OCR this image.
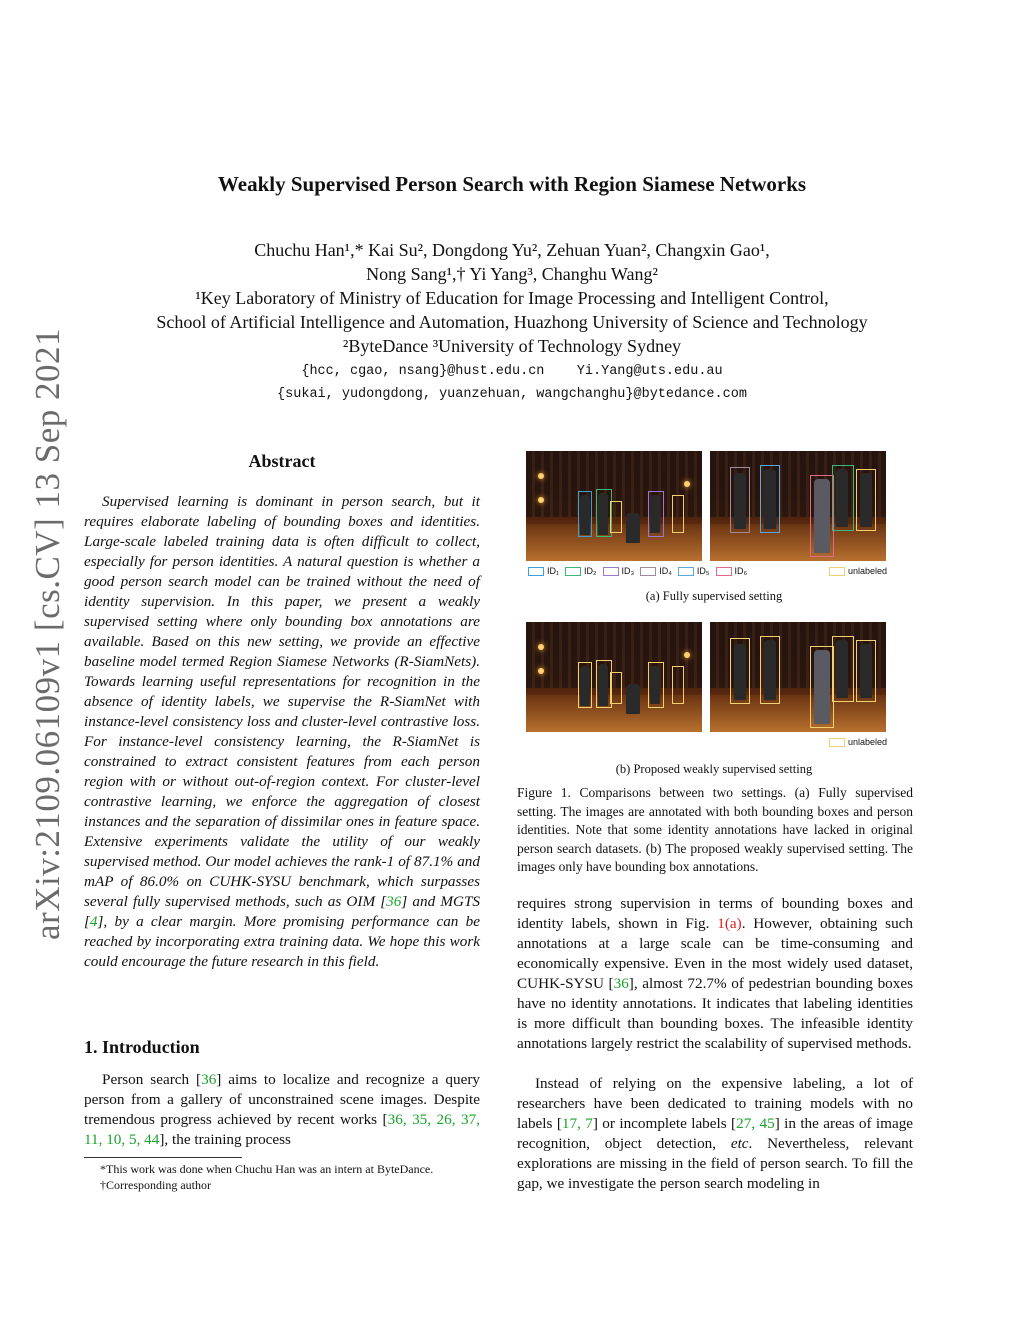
Weakly Supervised Person Search with Region Siamese Networks
Chuchu Han¹,* Kai Su², Dongdong Yu², Zehuan Yuan², Changxin Gao¹,
Nong Sang¹,† Yi Yang³, Changhu Wang²
¹Key Laboratory of Ministry of Education for Image Processing and Intelligent Control,
School of Artificial Intelligence and Automation, Huazhong University of Science and Technology
²ByteDance ³University of Technology Sydney
{hcc, cgao, nsang}@hust.edu.cn    Yi.Yang@uts.edu.au
{sukai, yudongdong, yuanzehuan, wangchanghu}@bytedance.com
arXiv:2109.06109v1 [cs.CV] 13 Sep 2021	Abstract
Supervised learning is dominant in person search, but it requires elaborate labeling of bounding boxes and identities. Large-scale labeled training data is often difficult to collect, especially for person identities. A natural question is whether a good person search model can be trained without the need of identity supervision. In this paper, we present a weakly supervised setting where only bounding box annotations are available. Based on this new setting, we provide an effective baseline model termed Region Siamese Networks (R-SiamNets). Towards learning useful representations for recognition in the absence of identity labels, we supervise the R-SiamNet with instance-level consistency loss and cluster-level contrastive loss. For instance-level consistency learning, the R-SiamNet is constrained to extract consistent features from each person region with or without out-of-region context. For cluster-level contrastive learning, we enforce the aggregation of closest instances and the separation of dissimilar ones in feature space. Extensive experiments validate the utility of our weakly supervised method. Our model achieves the rank-1 of 87.1% and mAP of 86.0% on CUHK-SYSU benchmark, which surpasses several fully supervised methods, such as OIM [36] and MGTS [4], by a clear margin. More promising performance can be reached by incorporating extra training data. We hope this work could encourage the future research in this field.
1. Introduction
Person search [36] aims to localize and recognize a query person from a gallery of unconstrained scene images. Despite tremendous progress achieved by recent works [36, 35, 26, 37, 11, 10, 5, 44], the training process
*This work was done when Chuchu Han was an intern at ByteDance.
†Corresponding author
ID₁	ID₂	ID₃	ID₄	ID₅	ID₆	unlabeled
(a) Fully supervised setting
unlabeled
(b) Proposed weakly supervised setting
Figure 1. Comparisons between two settings. (a) Fully supervised setting. The images are annotated with both bounding boxes and person identities. Note that some identity annotations have lacked in original person search datasets. (b) The proposed weakly supervised setting. The images only have bounding box annotations.
requires strong supervision in terms of bounding boxes and identity labels, shown in Fig. 1(a). However, obtaining such annotations at a large scale can be time-consuming and economically expensive. Even in the most widely used dataset, CUHK-SYSU [36], almost 72.7% of pedestrian bounding boxes have no identity annotations. It indicates that labeling identities is more difficult than bounding boxes. The infeasible identity annotations largely restrict the scalability of supervised methods.
Instead of relying on the expensive labeling, a lot of researchers have been dedicated to training models with no labels [17, 7] or incomplete labels [27, 45] in the areas of image recognition, object detection, etc. Nevertheless, relevant explorations are missing in the field of person search. To fill the gap, we investigate the person search modeling in
